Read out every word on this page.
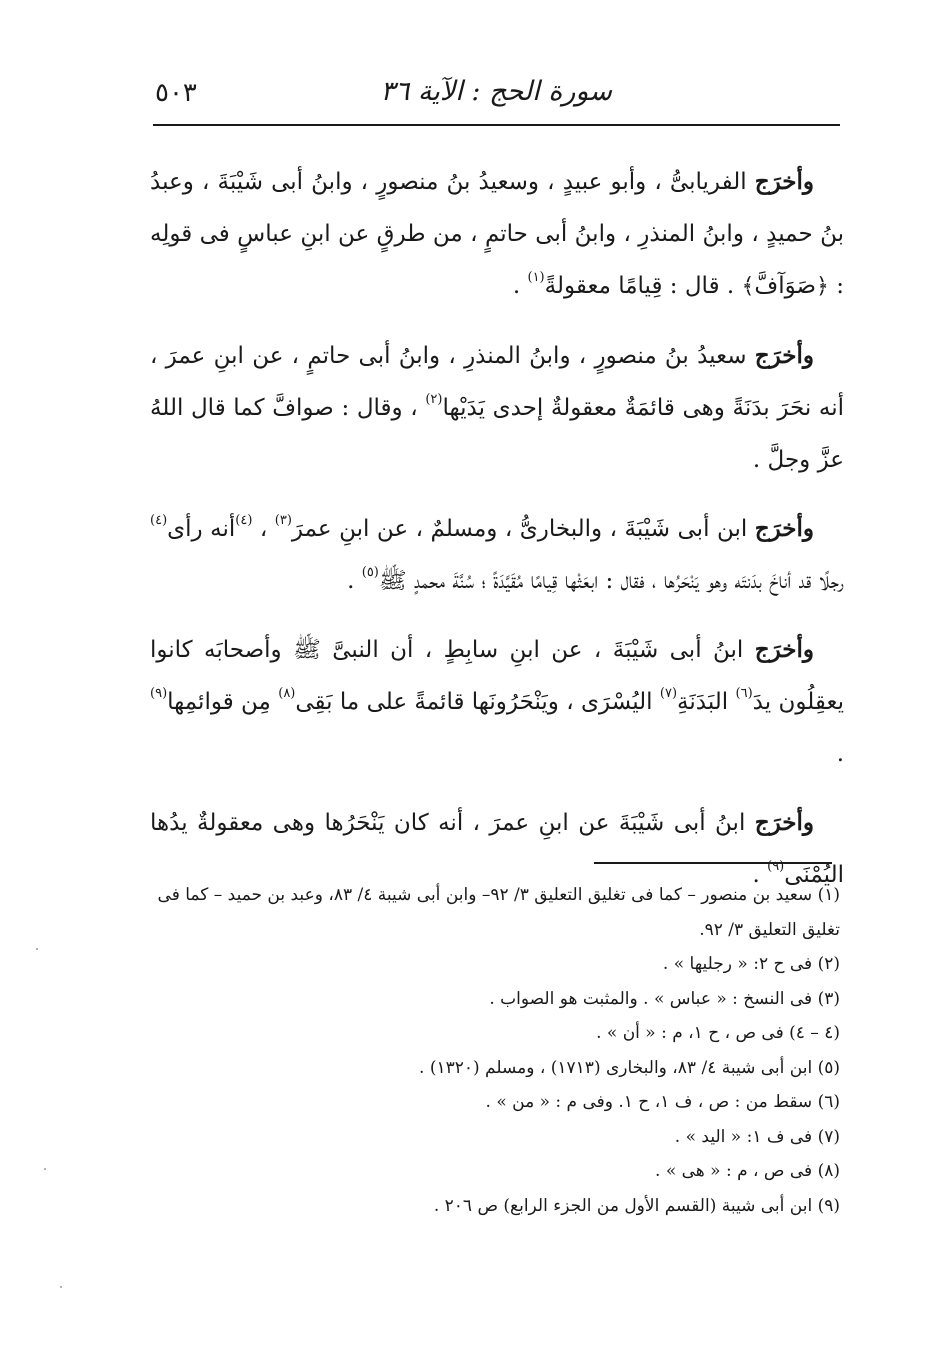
سورة الحج : الآية ٣٦
٥٠٣

وأخرَج الفريابىُّ ، وأبو عبيدٍ ، وسعيدُ بنُ منصورٍ ، وابنُ أبى شَيْبَةَ ، وعبدُ بنُ حميدٍ ، وابنُ المنذرِ ، وابنُ أبى حاتمٍ ، من طرقٍ عن ابنِ عباسٍ فى قولِه : ﴿صَوَآفَّ﴾ . قال : قِيامًا معقولةً$^{(١)}$ .

وأخرَج سعيدُ بنُ منصورٍ ، وابنُ المنذرِ ، وابنُ أبى حاتمٍ ، عن ابنِ عمرَ ، أنه نحَرَ بدَنَةً وهى قائمَةٌ معقولةٌ إحدى يَدَيْها$^{(٢)}$ ، وقال : صوافَّ كما قال اللهُ عزَّ وجلَّ .

وأخرَج ابن أبى شَيْبَةَ ، والبخارىُّ ، ومسلمٌ ، عن ابنِ عمرَ$^{(٣)}$ ، $^{(٤)}$أنه رأى$^{(٤)}$ رجلًا قد أناخَ بدَنتَه وهو يَنْحَرُها ، فقال : ابعَثْها قِيامًا مُقَيَّدَةً ؛ سُنَّةَ محمدٍ ﷺ$^{(٥)}$ .

وأخرَج ابنُ أبى شَيْبَةَ ، عن ابنِ سابِطٍ ، أن النبىَّ ﷺ وأصحابَه كانوا يعقِلُون يدَ$^{(٦)}$ البَدَنَةِ$^{(٧)}$ اليُسْرَى ، ويَنْحَرُونَها قائمةً على ما بَقِى$^{(٨)}$ مِن قوائمِها$^{(٩)}$ .

وأخرَج ابنُ أبى شَيْبَةَ عن ابنِ عمرَ ، أنه كان يَنْحَرُها وهى معقولةٌ يدُها اليُمْنَى$^{(٩)}$ .

(١) سعيد بن منصور – كما فى تغليق التعليق ٣/ ٩٢– وابن أبى شيبة ٤/ ٨٣، وعبد بن حميد – كما فى تغليق التعليق ٣/ ٩٢.
(٢) فى ح ٢: « رجليها » .
(٣) فى النسخ : « عباس » . والمثبت هو الصواب .
(٤ – ٤) فى ص ، ح ١، م : « أن » .
(٥) ابن أبى شيبة ٤/ ٨٣، والبخارى (١٧١٣) ، ومسلم (١٣٢٠) .
(٦) سقط من : ص ، ف ١، ح ١. وفى م : « من » .
(٧) فى ف ١: « اليد » .
(٨) فى ص ، م : « هى » .
(٩) ابن أبى شيبة (القسم الأول من الجزء الرابع) ص ٢٠٦ .
